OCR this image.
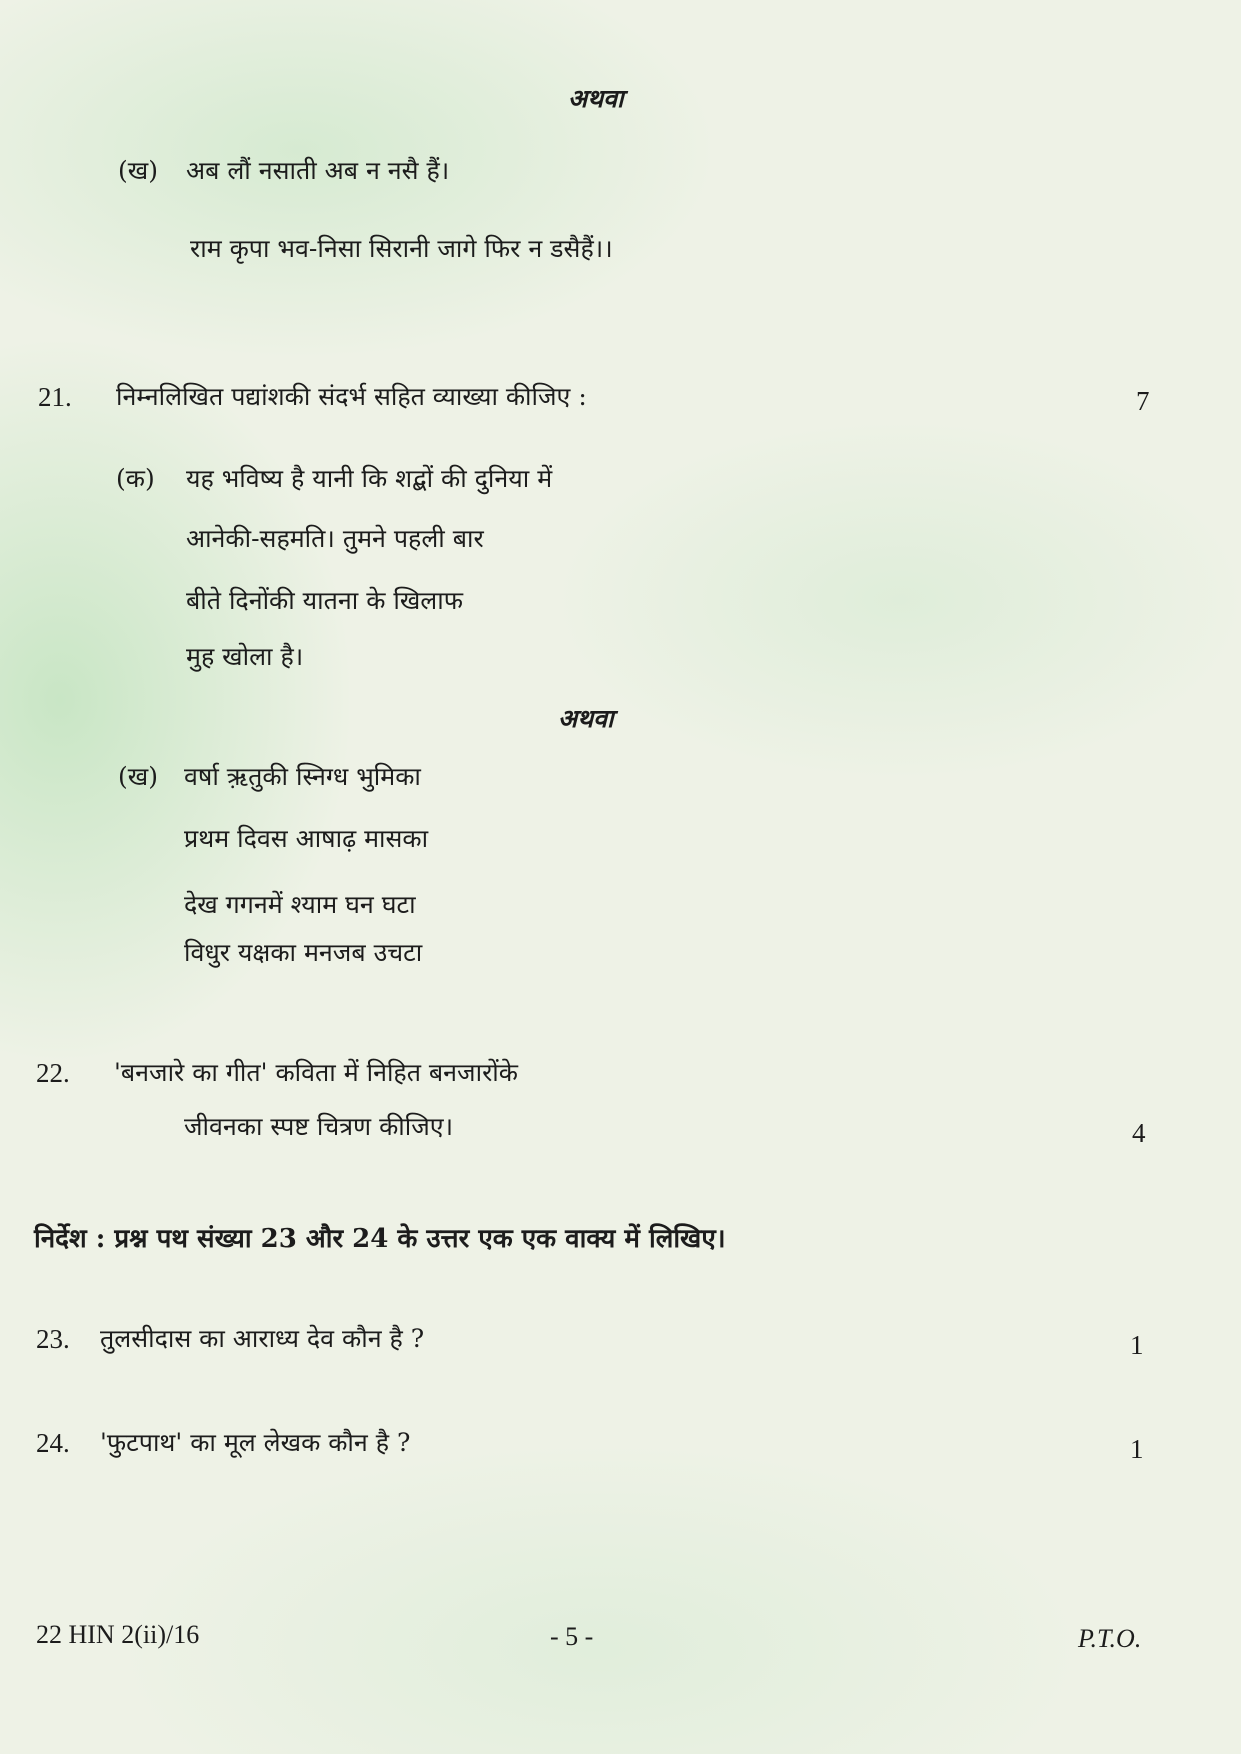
अथवा
(ख) अब लौं नसाती अब न नसै हैं।
राम कृपा भव-निसा सिरानी जागे फिर न डसैहैं।।
21. निम्नलिखित पद्यांशकी संदर्भ सहित व्याख्या कीजिए :	7
(क) यह भविष्य है यानी कि शद्बों की दुनिया में
आनेकी-सहमति। तुमने पहली बार
बीते दिनोंकी यातना के खिलाफ
मुह खोला है।
अथवा
(ख) वर्षा ऋ़तुकी स्निग्ध भुमिका
प्रथम दिवस आषाढ़ मासका
देख गगनमें श्याम घन घटा
विधुर यक्षका मनजब उचटा
22. 'बनजारे का गीत' कविता में निहित बनजारोंके
जीवनका स्पष्ट चित्रण कीजिए।	4
निर्देश : प्रश्न पथ संख्या 23 और 24 के उत्तर एक एक वाक्य में लिखिए।
23. तुलसीदास का आराध्य देव कौन है ?	1
24. 'फुटपाथ' का मूल लेखक कौन है ?	1
22 HIN 2(ii)/16	- 5 -	P.T.O.
